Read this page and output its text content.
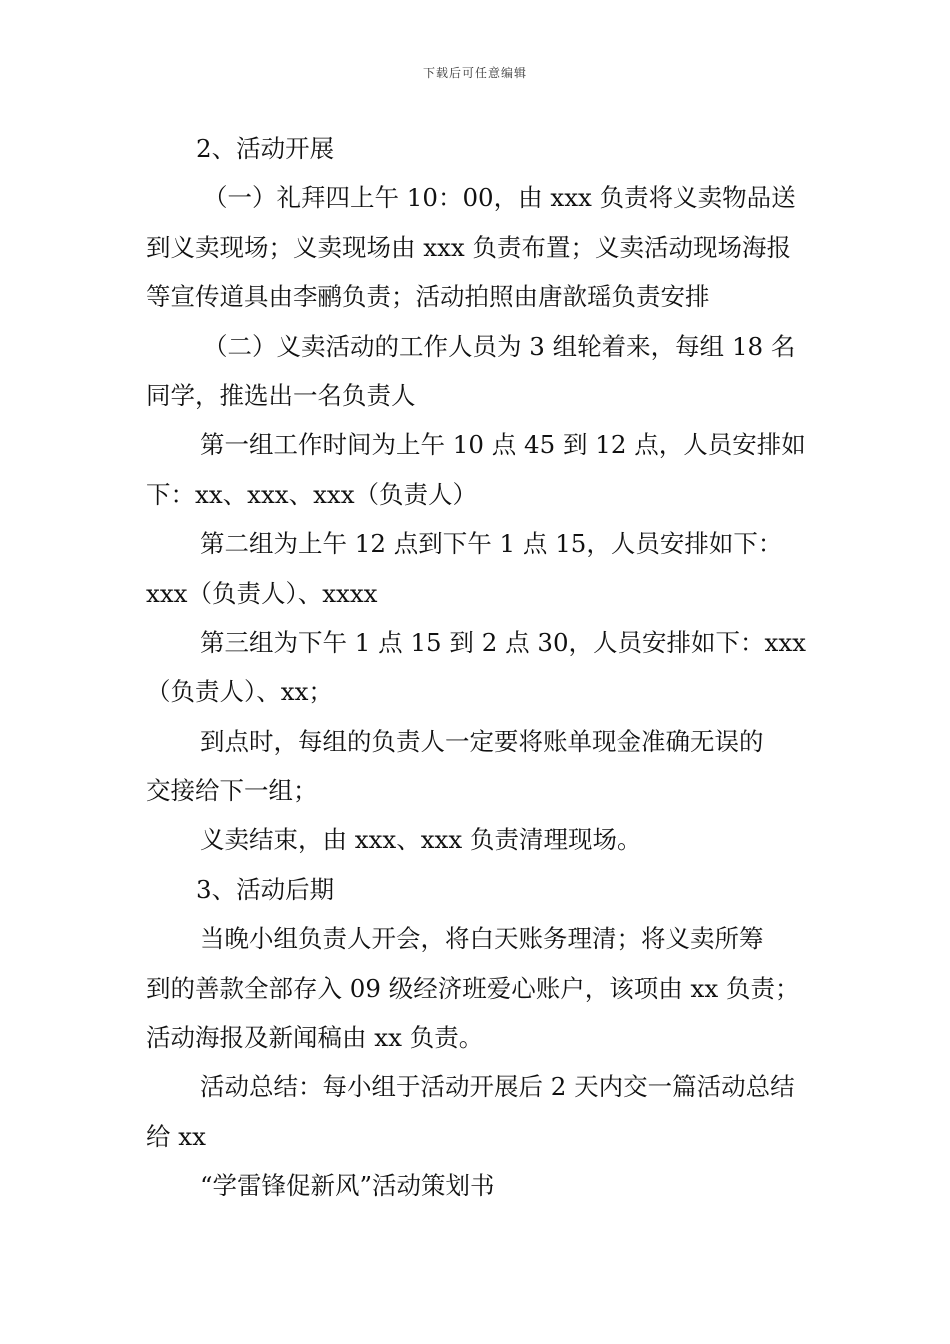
下载后可任意编辑
2、活动开展
（一）礼拜四上午 10：00，由 xxx 负责将义卖物品送
到义卖现场；义卖现场由 xxx 负责布置；义卖活动现场海报
等宣传道具由李鹂负责；活动拍照由唐歆瑶负责安排
（二）义卖活动的工作人员为 3 组轮着来，每组 18 名
同学，推选出一名负责人
第一组工作时间为上午 10 点 45 到 12 点，人员安排如
下：xx、xxx、xxx（负责人）
第二组为上午 12 点到下午 1 点 15，人员安排如下：
xxx（负责人）、xxxx
第三组为下午 1 点 15 到 2 点 30，人员安排如下：xxx
（负责人）、xx；
到点时，每组的负责人一定要将账单现金准确无误的
交接给下一组；
义卖结束，由 xxx、xxx 负责清理现场。
3、活动后期
当晚小组负责人开会，将白天账务理清；将义卖所筹
到的善款全部存入 09 级经济班爱心账户，该项由 xx 负责；
活动海报及新闻稿由 xx 负责。
活动总结：每小组于活动开展后 2 天内交一篇活动总结
给 xx
“学雷锋促新风”活动策划书
